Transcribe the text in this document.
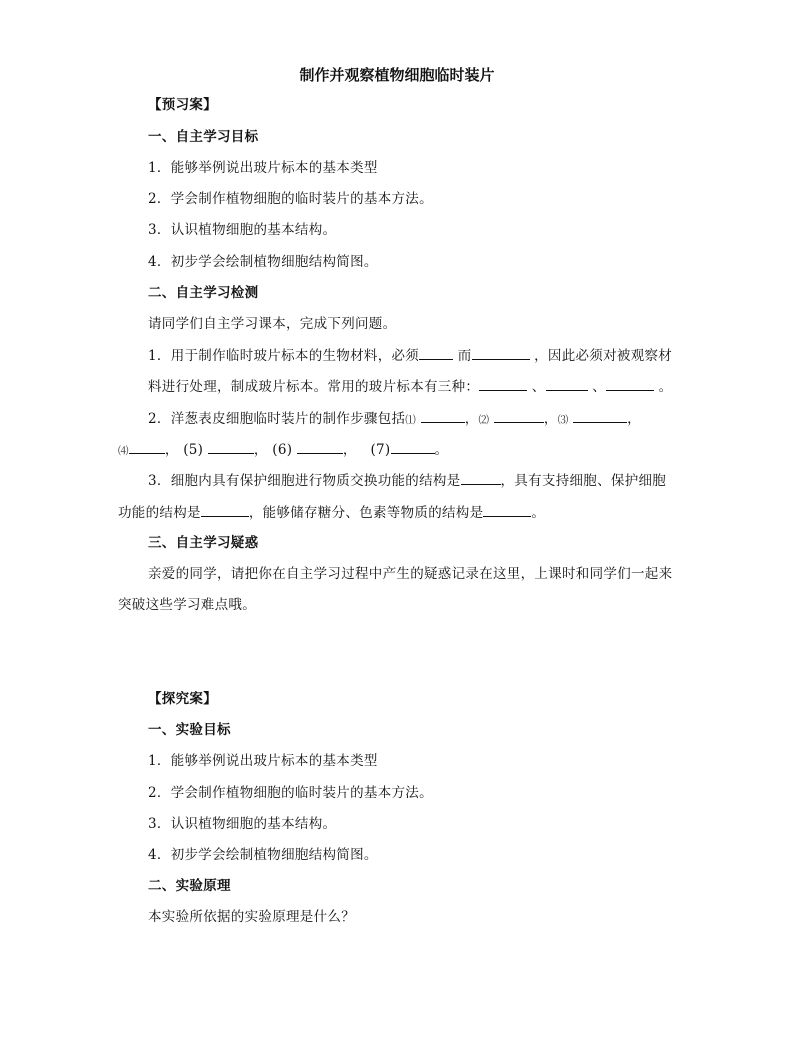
制作并观察植物细胞临时装片
【预习案】
一、自主学习目标
1．能够举例说出玻片标本的基本类型
2．学会制作植物细胞的临时装片的基本方法。
3．认识植物细胞的基本结构。
4．初步学会绘制植物细胞结构简图。
二、自主学习检测
请同学们自主学习课本，完成下列问题。
1．用于制作临时玻片标本的生物材料，必须	而	，因此必须对被观察材
料进行处理，制成玻片标本。常用的玻片标本有三种：	、	、	。
2．洋葱表皮细胞临时装片的制作步骤包括⑴	，⑵	，⑶	，
⑷	， (5)	， (6)	， (7)	。
3．细胞内具有保护细胞进行物质交换功能的结构是	，具有支持细胞、保护细胞
功能的结构是	，能够储存糖分、色素等物质的结构是	。
三、自主学习疑惑
亲爱的同学，请把你在自主学习过程中产生的疑惑记录在这里，上课时和同学们一起来
突破这些学习难点哦。
【探究案】
一、实验目标
1．能够举例说出玻片标本的基本类型
2．学会制作植物细胞的临时装片的基本方法。
3．认识植物细胞的基本结构。
4．初步学会绘制植物细胞结构简图。
二、实验原理
本实验所依据的实验原理是什么？
